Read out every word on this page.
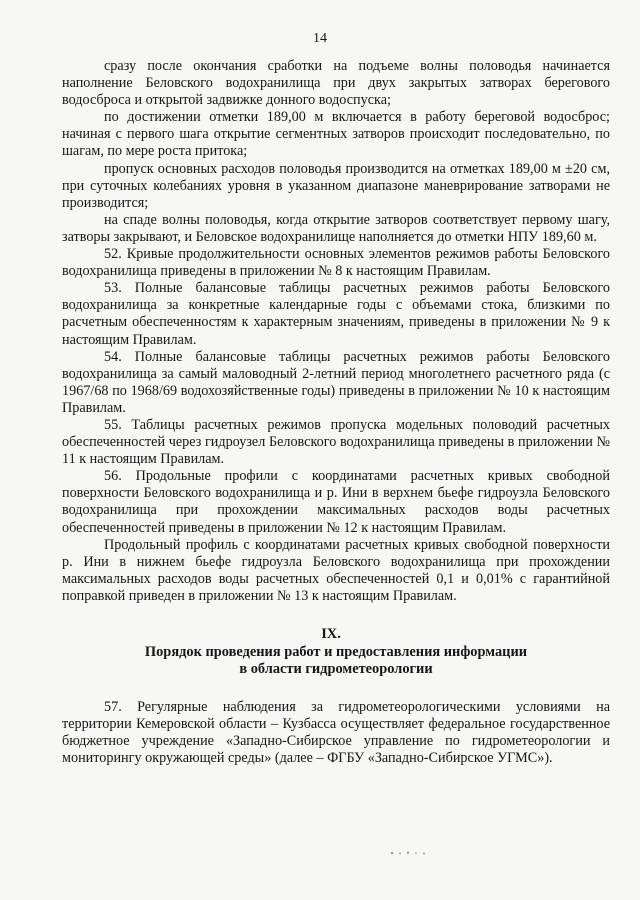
14

сразу после окончания сработки на подъеме волны половодья начинается наполнение Беловского водохранилища при двух закрытых затворах берегового водосброса и открытой задвижке донного водоспуска;

по достижении отметки 189,00 м включается в работу береговой водосброс; начиная с первого шага открытие сегментных затворов происходит последовательно, по шагам, по мере роста притока;

пропуск основных расходов половодья производится на отметках 189,00 м ±20 см, при суточных колебаниях уровня в указанном диапазоне маневрирование затворами не производится;

на спаде волны половодья, когда открытие затворов соответствует первому шагу, затворы закрывают, и Беловское водохранилище наполняется до отметки НПУ 189,60 м.

52. Кривые продолжительности основных элементов режимов работы Беловского водохранилища приведены в приложении № 8 к настоящим Правилам.

53. Полные балансовые таблицы расчетных режимов работы Беловского водохранилища за конкретные календарные годы с объемами стока, близкими по расчетным обеспеченностям к характерным значениям, приведены в приложении № 9 к настоящим Правилам.

54. Полные балансовые таблицы расчетных режимов работы Беловского водохранилища за самый маловодный 2-летний период многолетнего расчетного ряда (с 1967/68 по 1968/69 водохозяйственные годы) приведены в приложении № 10 к настоящим Правилам.

55. Таблицы расчетных режимов пропуска модельных половодий расчетных обеспеченностей через гидроузел Беловского водохранилища приведены в приложении № 11 к настоящим Правилам.

56. Продольные профили с координатами расчетных кривых свободной поверхности Беловского водохранилища и р. Ини в верхнем бьефе гидроузла Беловского водохранилища при прохождении максимальных расходов воды расчетных обеспеченностей приведены в приложении № 12 к настоящим Правилам.

Продольный профиль с координатами расчетных кривых свободной поверхности р. Ини в нижнем бьефе гидроузла Беловского водохранилища при прохождении максимальных расходов воды расчетных обеспеченностей 0,1 и 0,01% с гарантийной поправкой приведен в приложении № 13 к настоящим Правилам.

IX.
Порядок проведения работ и предоставления информации
в области гидрометеорологии

57. Регулярные наблюдения за гидрометеорологическими условиями на территории Кемеровской области – Кузбасса осуществляет федеральное государственное бюджетное учреждение «Западно-Сибирское управление по гидрометеорологии и мониторингу окружающей среды» (далее – ФГБУ «Западно-Сибирское УГМС»).
